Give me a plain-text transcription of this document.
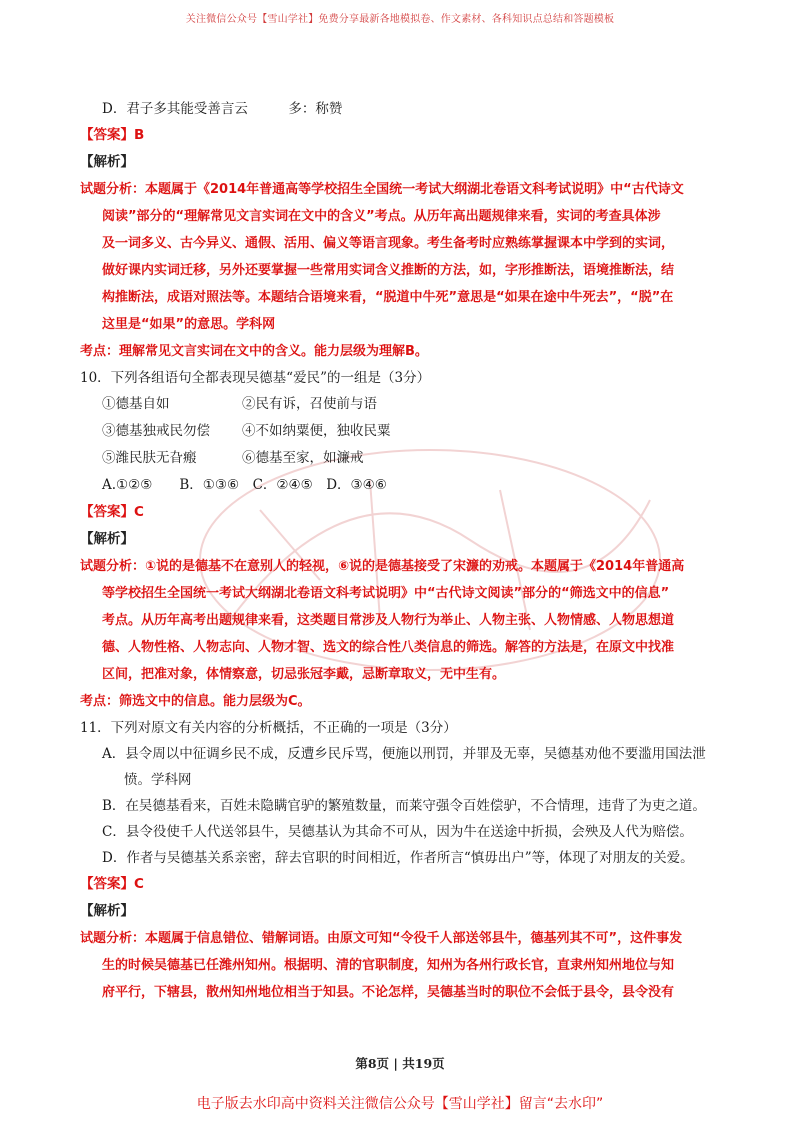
关注微信公众号【雪山学社】免费分享最新各地模拟卷、作文素材、各科知识点总结和答题模板
D．君子多其能受善言云　　　多：称赞
【答案】B
【解析】
试题分析：本题属于《2014年普通高等学校招生全国统一考试大纲湖北卷语文科考试说明》中“古代诗文
阅读”部分的“理解常见文言实词在文中的含义”考点。从历年高出题规律来看，实词的考查具体涉
及一词多义、古今异义、通假、活用、偏义等语言现象。考生备考时应熟练掌握课本中学到的实词，
做好课内实词迁移，另外还要掌握一些常用实词含义推断的方法，如，字形推断法，语境推断法，结
构推断法，成语对照法等。本题结合语境来看，“脱道中牛死”意思是“如果在途中牛死去”，“脱”在
这里是“如果”的意思。学科网
考点：理解常见文言实词在文中的含义。能力层级为理解B。
10．下列各组语句全都表现吴德基“爱民”的一组是（3分）
①德基自如	②民有诉，召使前与语
③德基独戒民勿偿	④不如纳粟便，独收民粟
⑤潍民肤无旮瘢	⑥德基至家，如濂戒
A.①②⑤　　B．①③⑥　C．②④⑤　D．③④⑥
【答案】C
【解析】
试题分析：①说的是德基不在意别人的轻视，⑥说的是德基接受了宋濂的劝戒。本题属于《2014年普通高
等学校招生全国统一考试大纲湖北卷语文科考试说明》中“古代诗文阅读”部分的“筛选文中的信息”
考点。从历年高考出题规律来看，这类题目常涉及人物行为举止、人物主张、人物情感、人物思想道
德、人物性格、人物志向、人物才智、选文的综合性八类信息的筛选。解答的方法是，在原文中找准
区间，把准对象，体情察意，切忌张冠李戴，忌断章取义，无中生有。
考点：筛选文中的信息。能力层级为C。
11．下列对原文有关内容的分析概括，不正确的一项是（3分）
A．县令周以中征调乡民不成，反遭乡民斥骂，便施以刑罚，并罪及无辜，吴德基劝他不要滥用国法泄
愤。学科网
B．在吴德基看来，百姓未隐瞒官驴的繁殖数量，而莱守强令百姓偿驴，不合情理，违背了为吏之道。
C．县令役使千人代送邻县牛，吴德基认为其命不可从，因为牛在送途中折损，会殃及人代为赔偿。
D．作者与吴德基关系亲密，辞去官职的时间相近，作者所言“慎毋出户”等，体现了对朋友的关爱。
【答案】C
【解析】
试题分析：本题属于信息错位、错解词语。由原文可知“令役千人部送邻县牛，德基列其不可”，这件事发
生的时候吴德基已任潍州知州。根据明、清的官职制度，知州为各州行政长官，直隶州知州地位与知
府平行，下辖县，散州知州地位相当于知县。不论怎样，吴德基当时的职位不会低于县令，县令没有
第8页 | 共19页
电子版去水印高中资料关注微信公众号【雪山学社】留言“去水印”
